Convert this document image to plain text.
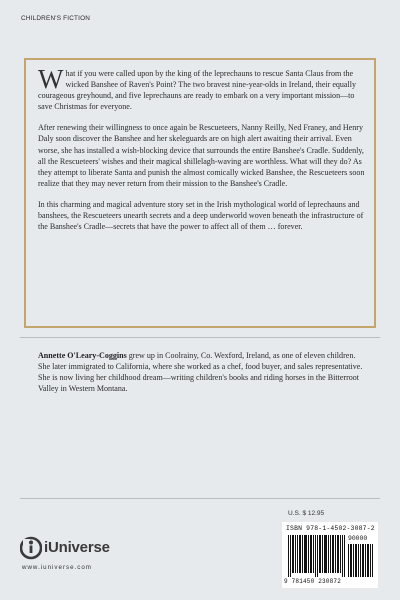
CHILDREN'S FICTION

What if you were called upon by the king of the leprechauns to rescue Santa Claus from the wicked Banshee of Raven's Point? The two bravest nine-year-olds in Ireland, their equally courageous greyhound, and five leprechauns are ready to embark on a very important mission—to save Christmas for everyone.

After renewing their willingness to once again be Rescueteers, Nanny Reilly, Ned Franey, and Henry Daly soon discover the Banshee and her skeleguards are on high alert awaiting their arrival. Even worse, she has installed a wish-blocking device that surrounds the entire Banshee's Cradle. Suddenly, all the Rescueteers' wishes and their magical shillelagh-waving are worthless. What will they do? As they attempt to liberate Santa and punish the almost comically wicked Banshee, the Rescueteers soon realize that they may never return from their mission to the Banshee's Cradle.

In this charming and magical adventure story set in the Irish mythological world of leprechauns and banshees, the Rescueteers unearth secrets and a deep underworld woven beneath the infrastructure of the Banshee's Cradle—secrets that have the power to affect all of them … forever.

Annette O'Leary-Coggins grew up in Coolrainy, Co. Wexford, Ireland, as one of eleven children. She later immigrated to California, where she worked as a chef, food buyer, and sales representative. She is now living her childhood dream—writing children's books and riding horses in the Bitterroot Valley in Western Montana.
iUniverse
www.iuniverse.com
U.S. $ 12.95
ISBN 978-1-4502-3087-2
90000
9 781450 230872
